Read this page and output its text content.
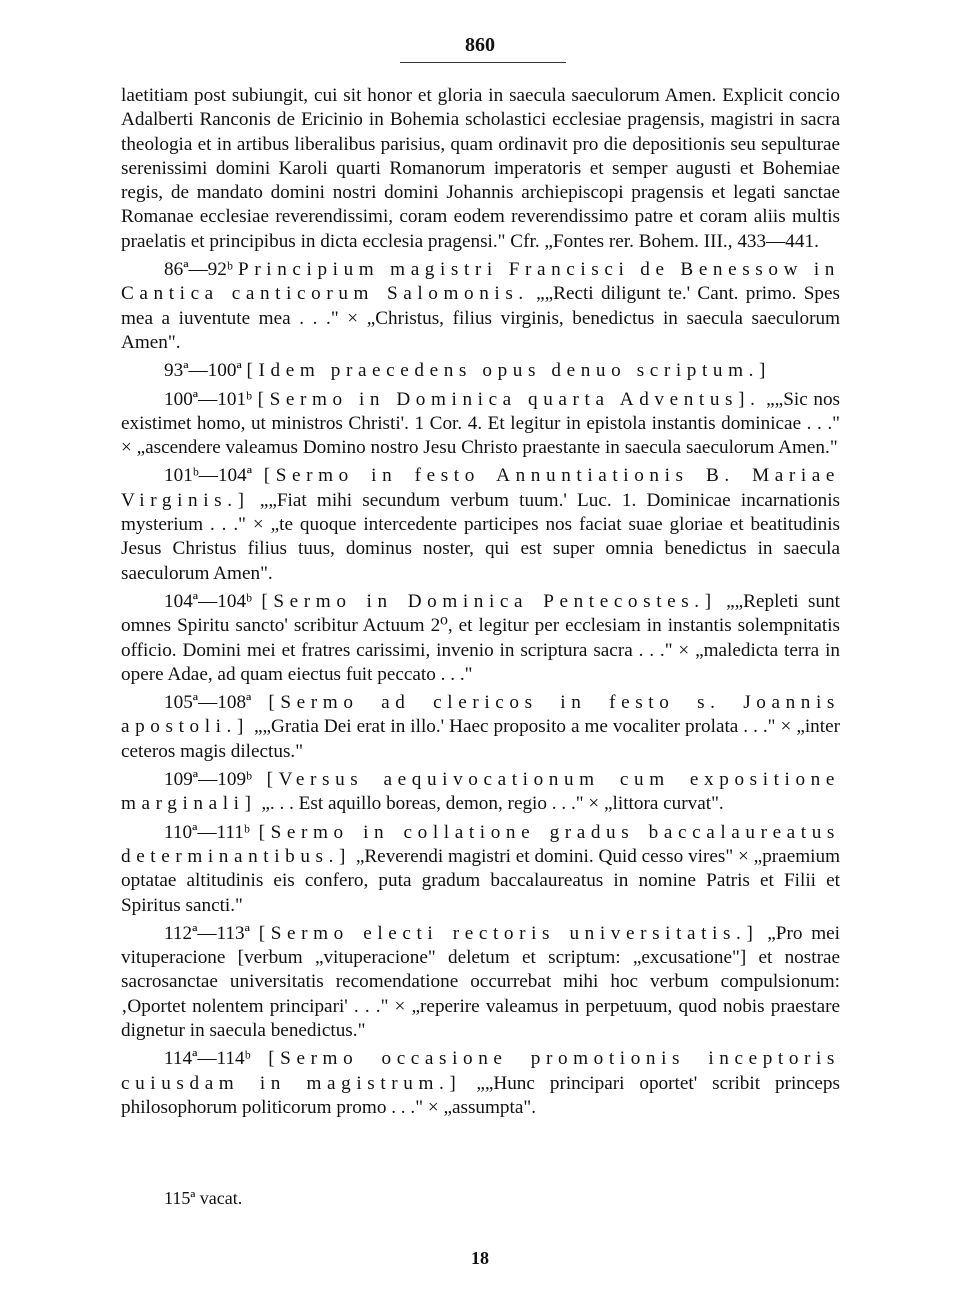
860

laetitiam post subiungit, cui sit honor et gloria in saecula saeculorum Amen. Explicit concio Adalberti Ranconis de Ericinio in Bohemia scholastici ecclesiae pragensis, magistri in sacra theologia et in artibus liberalibus parisius, quam ordinavit pro die depositionis seu sepulturae serenissimi domini Karoli quarti Romanorum imperatoris et semper augusti et Bohemiae regis, de mandato domini nostri domini Johannis archiepiscopi pragensis et legati sanctae Romanae ecclesiae reverendissimi, coram eodem reverendissimo patre et coram aliis multis praelatis et principibus in dicta ecclesia pragensi." Cfr. „Fontes rer. Bohem. III., 433—441.

86ª—92ᵇ Principium magistri Francisci de Benessow in Cantica canticorum Salomonis. „„Recti diligunt te.' Cant. primo. Spes mea a iuventute mea . . ." × „Christus, filius virginis, benedictus in saecula saeculorum Amen".

93ª—100ª [Idem praecedens opus denuo scriptum.]

100ª—101ᵇ [Sermo in Dominica quarta Adventus]. „„Sic nos existimet homo, ut ministros Christi'. 1 Cor. 4. Et legitur in epistola instantis dominicae . . ." × „ascendere valeamus Domino nostro Jesu Christo praestante in saecula saeculorum Amen."

101ᵇ—104ª [Sermo in festo Annuntiationis B. Mariae Virginis.] „„Fiat mihi secundum verbum tuum.' Luc. 1. Dominicae incarnationis mysterium . . ." × „te quoque intercedente participes nos faciat suae gloriae et beatitudinis Jesus Christus filius tuus, dominus noster, qui est super omnia benedictus in saecula saeculorum Amen".

104ª—104ᵇ [Sermo in Dominica Pentecostes.] „„Repleti sunt omnes Spiritu sancto' scribitur Actuum 2⁰, et legitur per ecclesiam in instantis solempnitatis officio. Domini mei et fratres carissimi, invenio in scriptura sacra . . ." × „maledicta terra in opere Adae, ad quam eiectus fuit peccato . . ."

105ª—108ª [Sermo ad clericos in festo s. Joannis apostoli.] „„Gratia Dei erat in illo.' Haec proposito a me vocaliter prolata . . ." × „inter ceteros magis dilectus."

109ª—109ᵇ [Versus aequivocationum cum expositione marginali] „. . . Est aquillo boreas, demon, regio . . ." × „littora curvat".

110ª—111ᵇ [Sermo in collatione gradus baccalaureatus determinantibus.] „Reverendi magistri et domini. Quid cesso vires" × „praemium optatae altitudinis eis confero, puta gradum baccalaureatus in nomine Patris et Filii et Spiritus sancti."

112ª—113ª [Sermo electi rectoris universitatis.] „Pro mei vituperacione [verbum „vituperacione" deletum et scriptum: „excusatione"] et nostrae sacrosanctae universitatis recomendatione occurrebat mihi hoc verbum compulsionum: ‚Oportet nolentem principari' . . ." × „reperire valeamus in perpetuum, quod nobis praestare dignetur in saecula benedictus."

114ª—114ᵇ [Sermo occasione promotionis inceptoris cuiusdam in magistrum.] „„Hunc principari oportet' scribit princeps philosophorum politicorum promo . . ." × „assumpta".

115ª vacat.
18
